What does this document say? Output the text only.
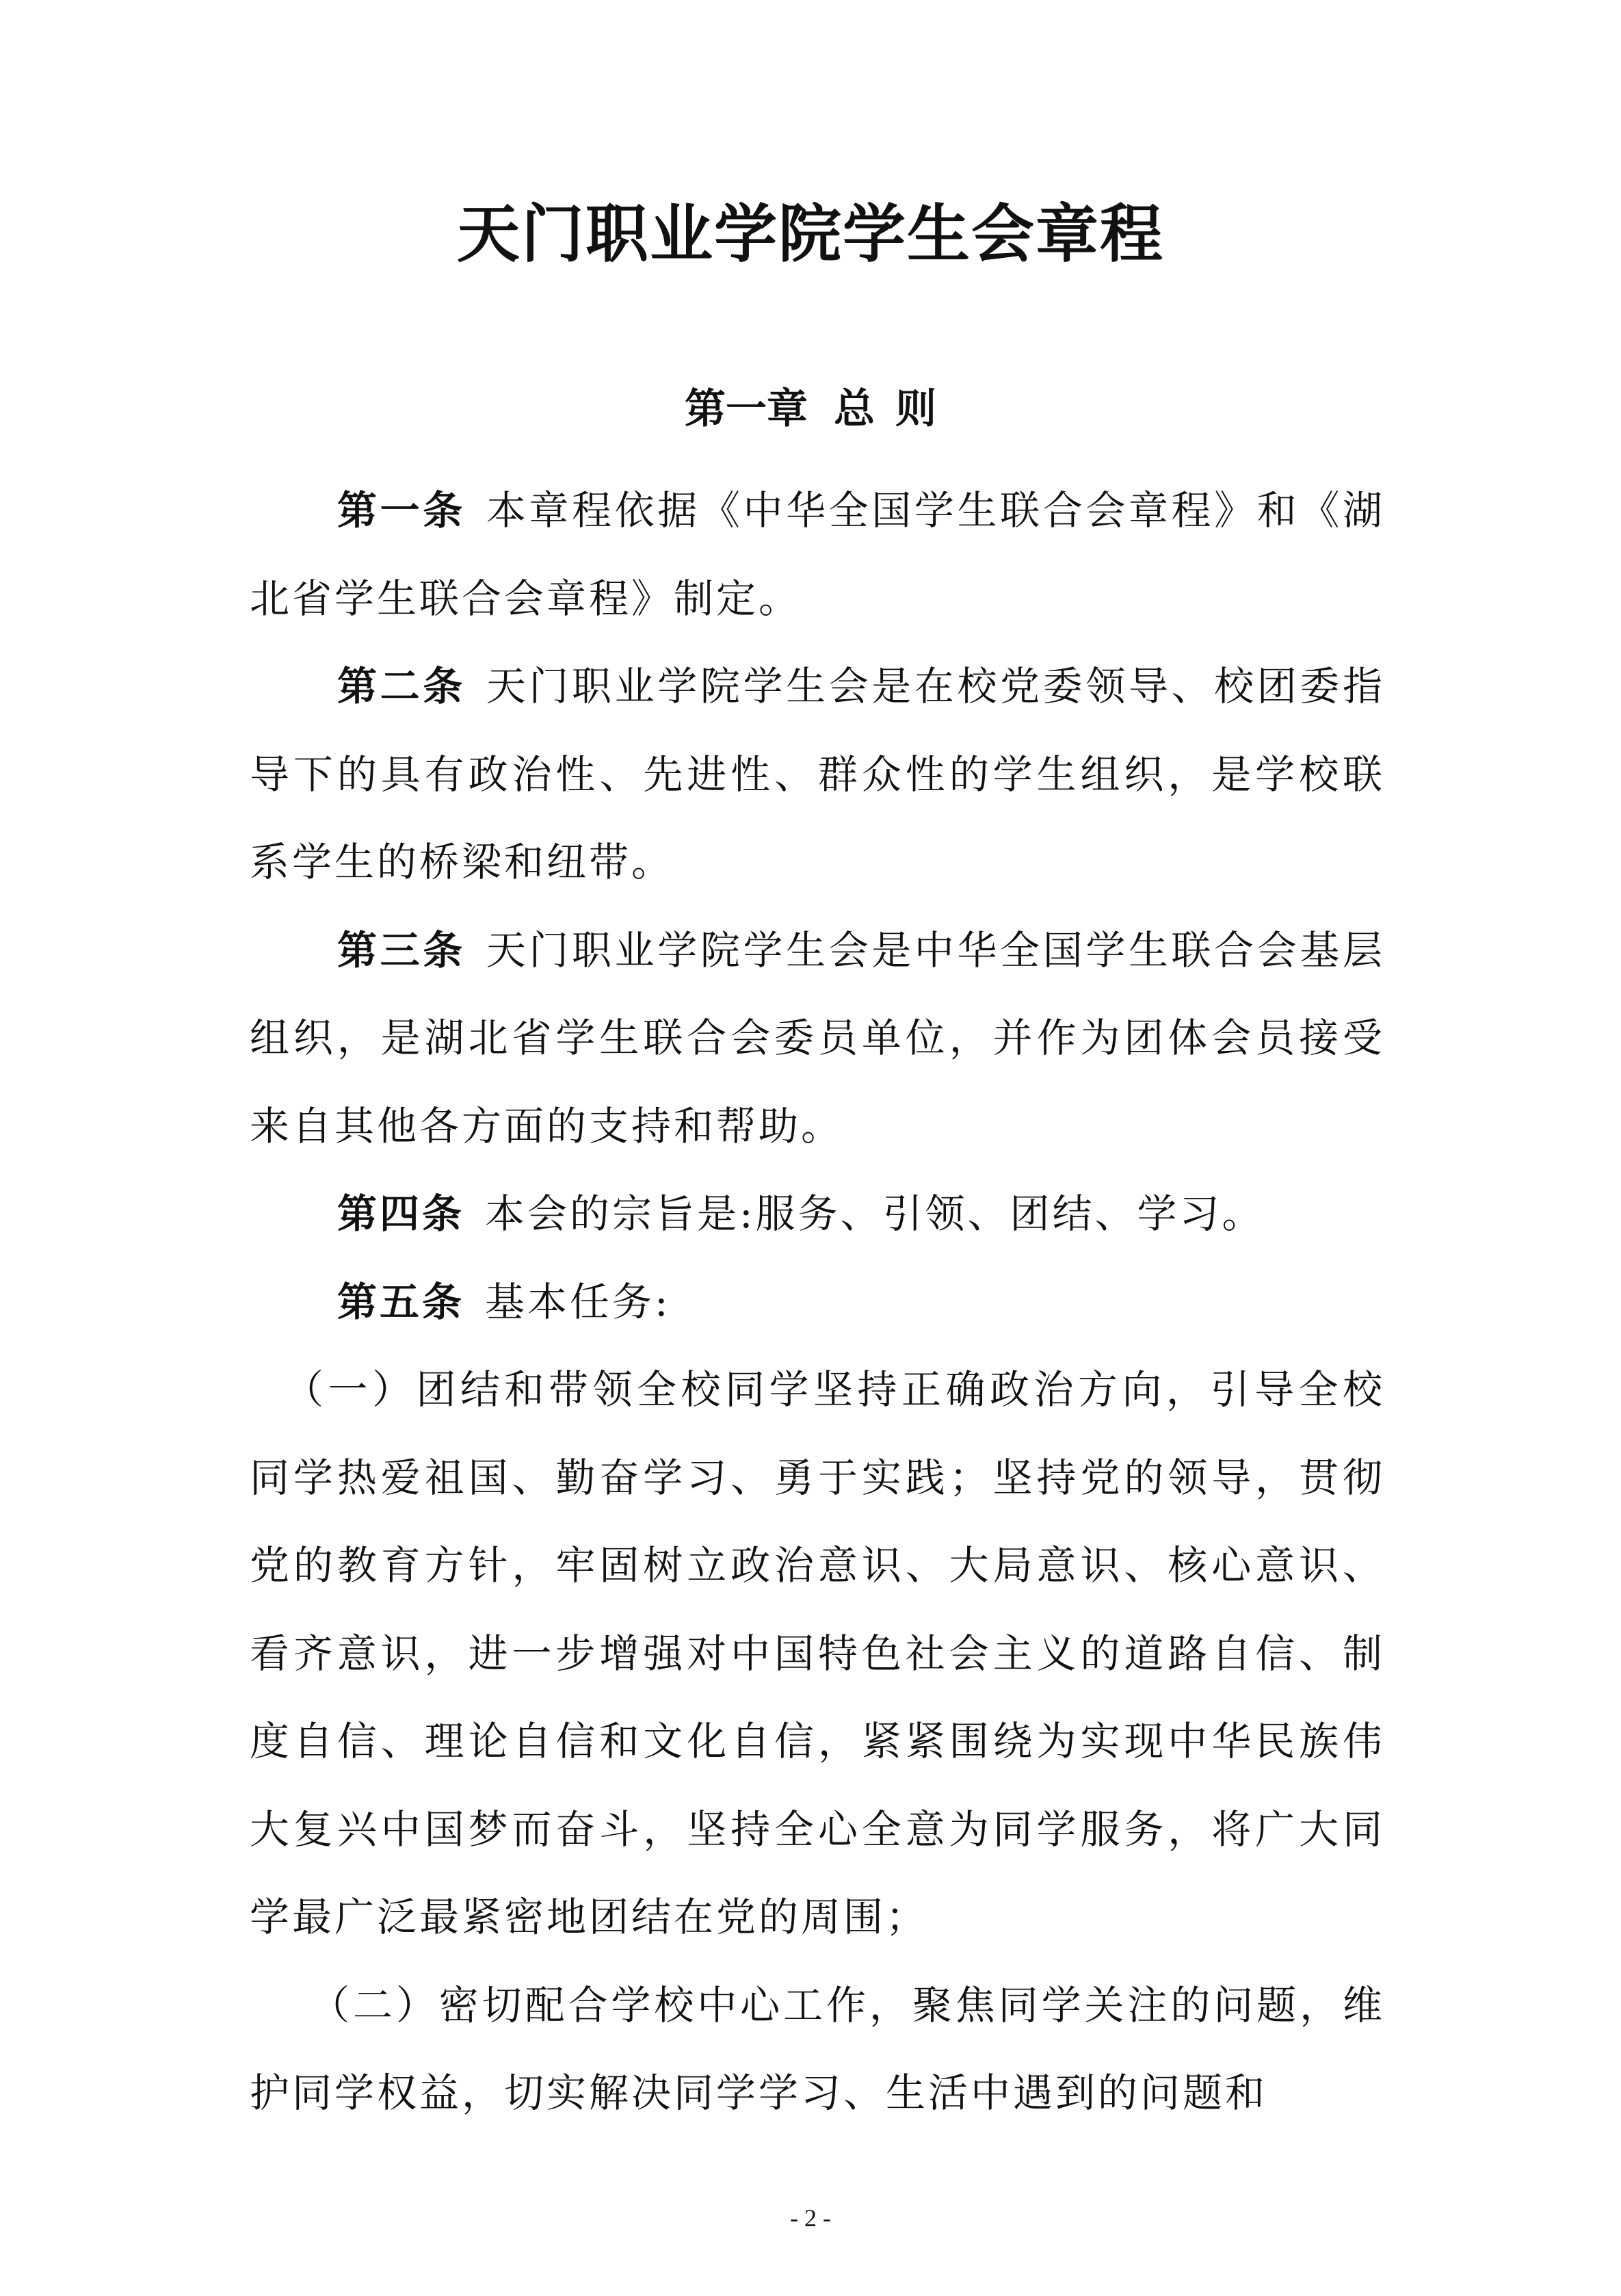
天门职业学院学生会章程
第一章 总 则

第一条 本章程依据《中华全国学生联合会章程》和《湖北省学生联合会章程》制定。

第二条 天门职业学院学生会是在校党委领导、校团委指导下的具有政治性、先进性、群众性的学生组织，是学校联系学生的桥梁和纽带。

第三条 天门职业学院学生会是中华全国学生联合会基层组织，是湖北省学生联合会委员单位，并作为团体会员接受来自其他各方面的支持和帮助。

第四条 本会的宗旨是:服务、引领、团结、学习。

第五条 基本任务:

（一）团结和带领全校同学坚持正确政治方向，引导全校同学热爱祖国、勤奋学习、勇于实践；坚持党的领导，贯彻党的教育方针，牢固树立政治意识、大局意识、核心意识、看齐意识，进一步增强对中国特色社会主义的道路自信、制度自信、理论自信和文化自信，紧紧围绕为实现中华民族伟大复兴中国梦而奋斗，坚持全心全意为同学服务，将广大同学最广泛最紧密地团结在党的周围；

（二）密切配合学校中心工作，聚焦同学关注的问题，维护同学权益，切实解决同学学习、生活中遇到的问题和

- 2 -
